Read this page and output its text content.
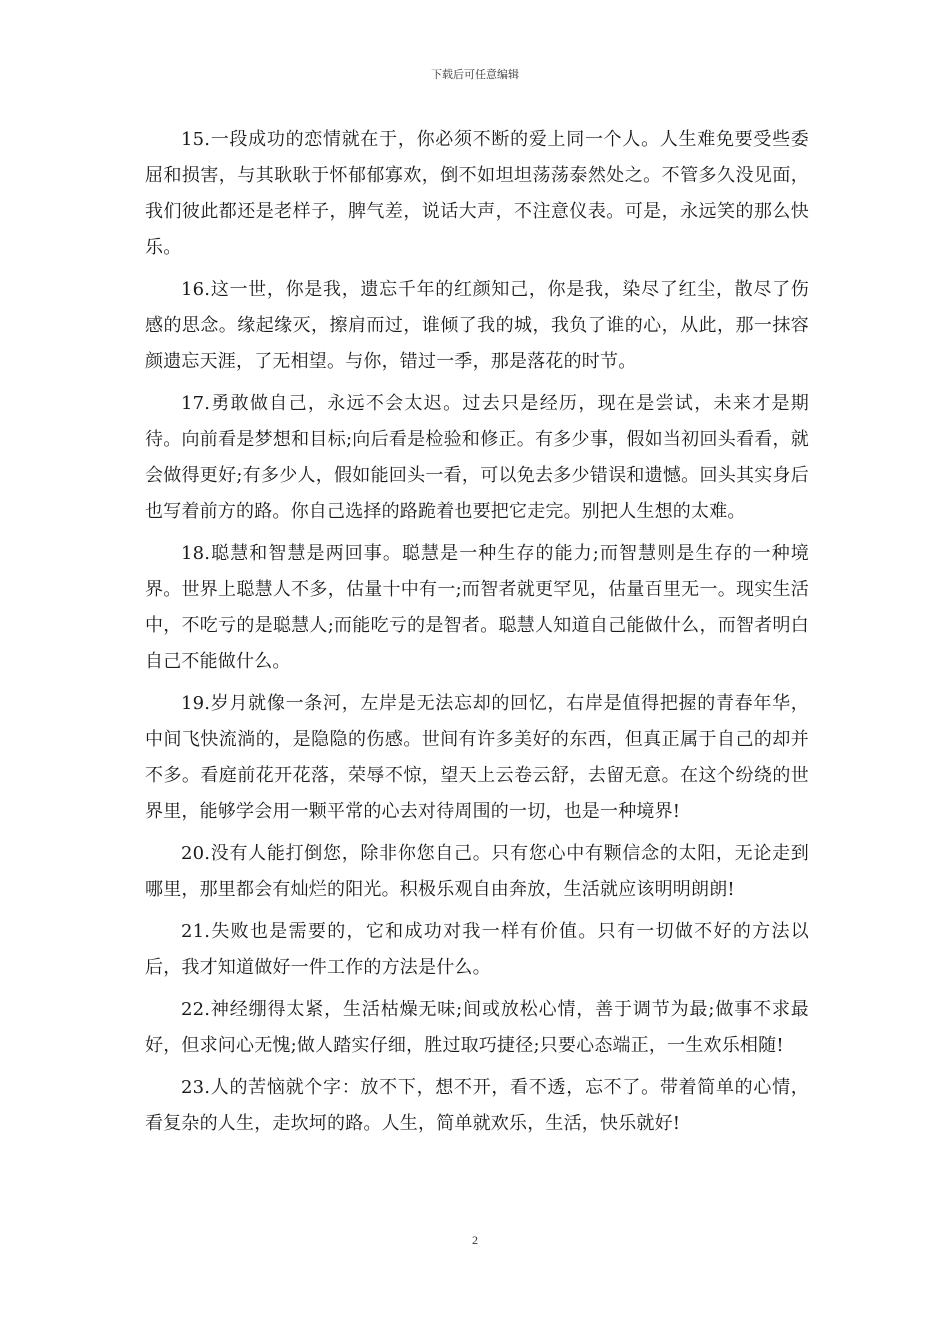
下载后可任意编辑

15.一段成功的恋情就在于，你必须不断的爱上同一个人。人生难免要受些委屈和损害，与其耿耿于怀郁郁寡欢，倒不如坦坦荡荡泰然处之。不管多久没见面，我们彼此都还是老样子，脾气差，说话大声，不注意仪表。可是，永远笑的那么快乐。

16.这一世，你是我，遗忘千年的红颜知己，你是我，染尽了红尘，散尽了伤感的思念。缘起缘灭，擦肩而过，谁倾了我的城，我负了谁的心，从此，那一抹容颜遗忘天涯，了无相望。与你，错过一季，那是落花的时节。

17.勇敢做自己，永远不会太迟。过去只是经历，现在是尝试，未来才是期待。向前看是梦想和目标;向后看是检验和修正。有多少事，假如当初回头看看，就会做得更好;有多少人，假如能回头一看，可以免去多少错误和遗憾。回头其实身后也写着前方的路。你自己选择的路跪着也要把它走完。别把人生想的太难。

18.聪慧和智慧是两回事。聪慧是一种生存的能力;而智慧则是生存的一种境界。世界上聪慧人不多，估量十中有一;而智者就更罕见，估量百里无一。现实生活中，不吃亏的是聪慧人;而能吃亏的是智者。聪慧人知道自己能做什么，而智者明白自己不能做什么。

19.岁月就像一条河，左岸是无法忘却的回忆，右岸是值得把握的青春年华，中间飞快流淌的，是隐隐的伤感。世间有许多美好的东西，但真正属于自己的却并不多。看庭前花开花落，荣辱不惊，望天上云卷云舒，去留无意。在这个纷绕的世界里，能够学会用一颗平常的心去对待周围的一切，也是一种境界!

20.没有人能打倒您，除非你您自己。只有您心中有颗信念的太阳，无论走到哪里，那里都会有灿烂的阳光。积极乐观自由奔放，生活就应该明明朗朗!

21.失败也是需要的，它和成功对我一样有价值。只有一切做不好的方法以后，我才知道做好一件工作的方法是什么。

22.神经绷得太紧，生活枯燥无味;间或放松心情，善于调节为最;做事不求最好，但求问心无愧;做人踏实仔细，胜过取巧捷径;只要心态端正，一生欢乐相随!

23.人的苦恼就个字：放不下，想不开，看不透，忘不了。带着简单的心情，看复杂的人生，走坎坷的路。人生，简单就欢乐，生活，快乐就好!

2
